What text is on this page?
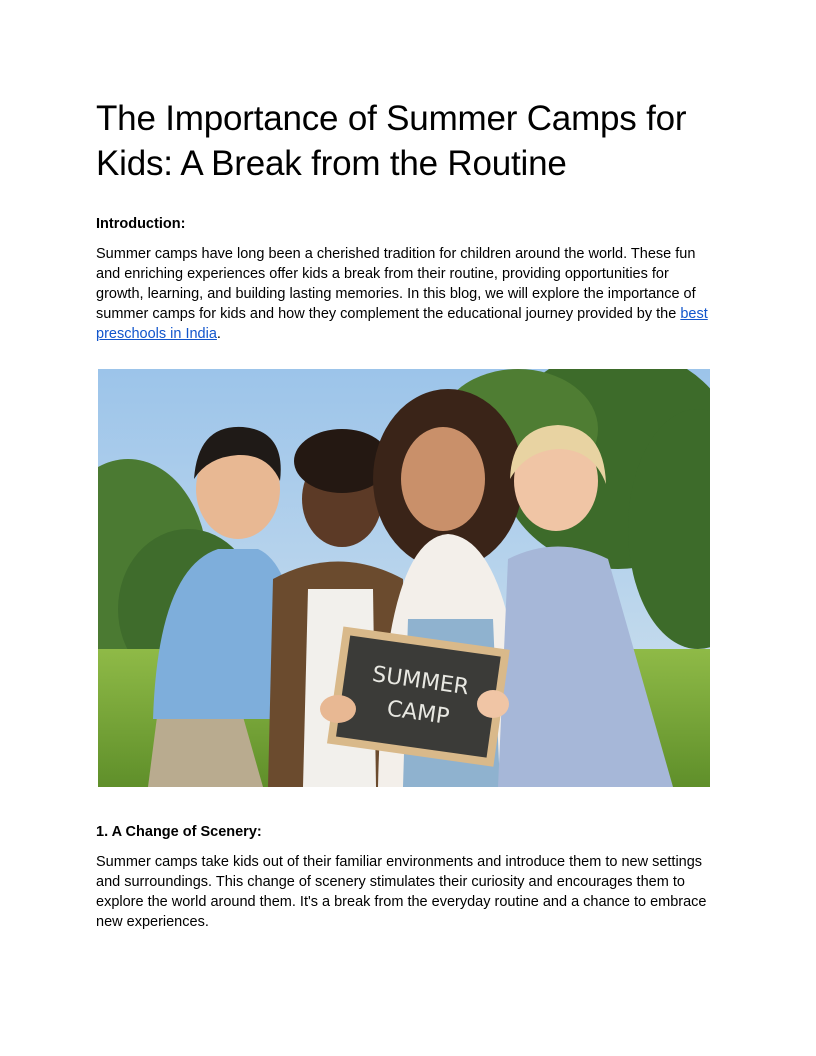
The Importance of Summer Camps for Kids: A Break from the Routine
Introduction:

Summer camps have long been a cherished tradition for children around the world. These fun and enriching experiences offer kids a break from their routine, providing opportunities for growth, learning, and building lasting memories. In this blog, we will explore the importance of summer camps for kids and how they complement the educational journey provided by the best preschools in India.

SUMMER
CAMP
1. A Change of Scenery:

Summer camps take kids out of their familiar environments and introduce them to new settings and surroundings. This change of scenery stimulates their curiosity and encourages them to explore the world around them. It's a break from the everyday routine and a chance to embrace new experiences.
